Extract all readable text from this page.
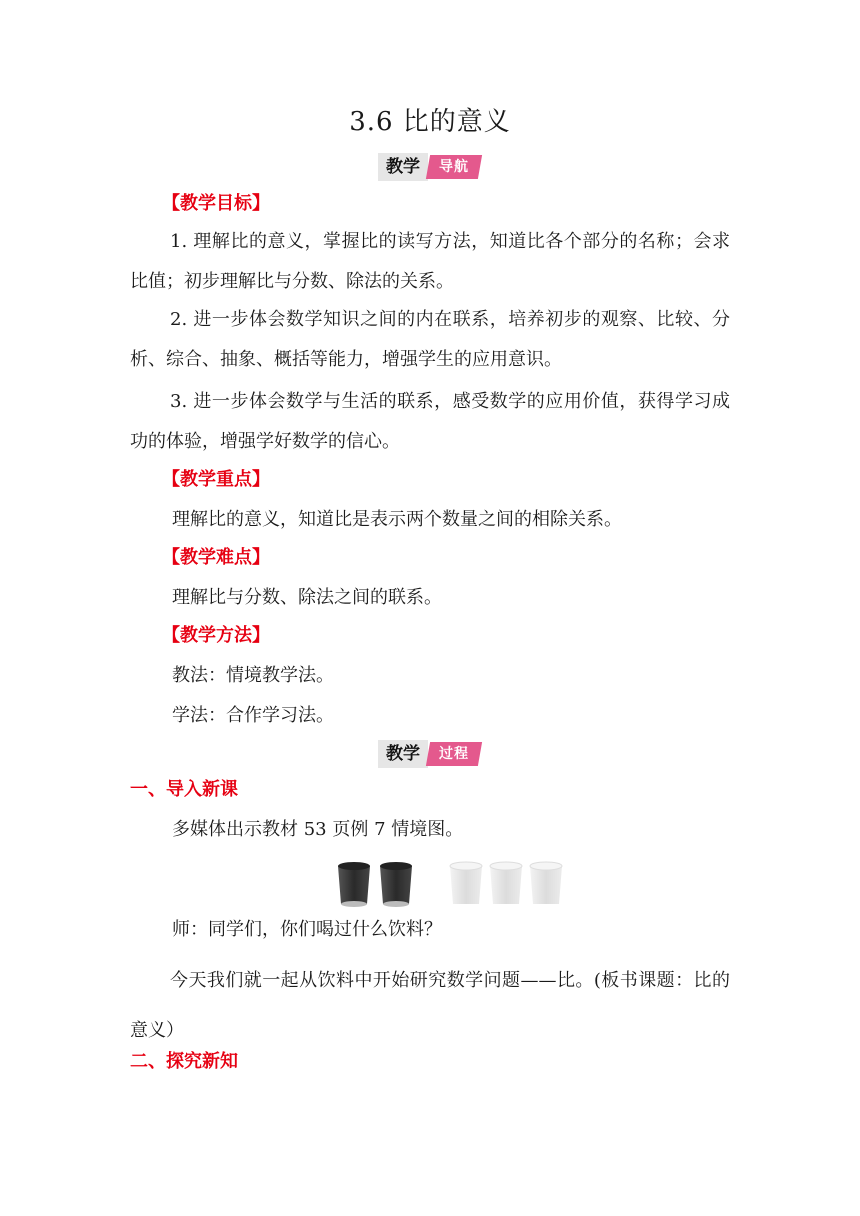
3.6 比的意义
教学	导航
【教学目标】
1. 理解比的意义，掌握比的读写方法，知道比各个部分的名称；会求比值；初步理解比与分数、除法的关系。
2. 进一步体会数学知识之间的内在联系，培养初步的观察、比较、分析、综合、抽象、概括等能力，增强学生的应用意识。
3. 进一步体会数学与生活的联系，感受数学的应用价值，获得学习成功的体验，增强学好数学的信心。
【教学重点】
理解比的意义，知道比是表示两个数量之间的相除关系。
【教学难点】
理解比与分数、除法之间的联系。
【教学方法】
教法：情境教学法。
学法：合作学习法。
教学	过程
一、导入新课
多媒体出示教材 53 页例 7 情境图。
师：同学们，你们喝过什么饮料？
今天我们就一起从饮料中开始研究数学问题——比。(板书课题：比的意义）
二、探究新知
